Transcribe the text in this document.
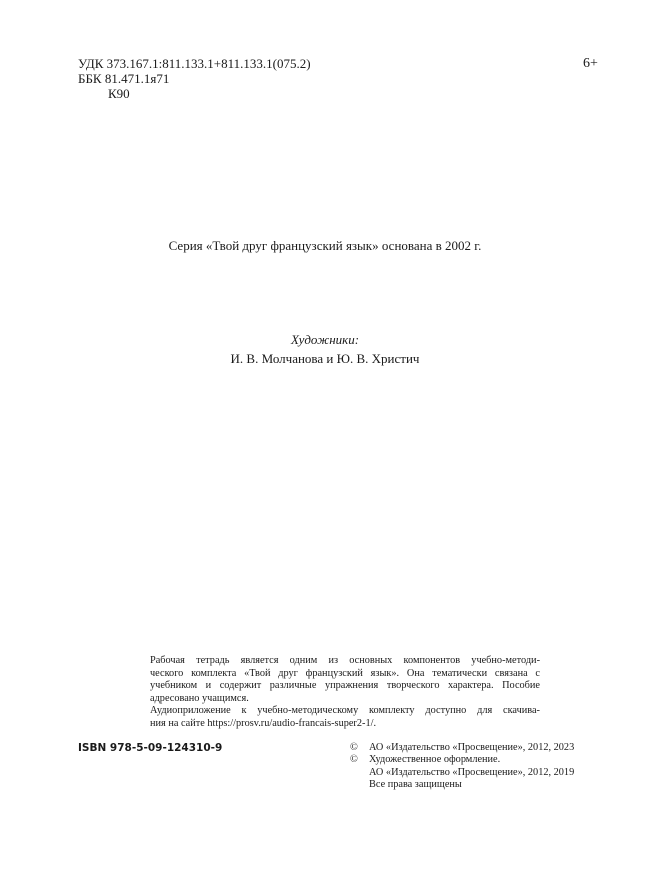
УДК 373.167.1:811.133.1+811.133.1(075.2)
ББК 81.471.1я71
К90
6+
Серия «Твой друг французский язык» основана в 2002 г.
Художники:
И. В. Молчанова и Ю. В. Христич
Рабочая тетрадь является одним из основных компонентов учебно-методи-
ческого комплекта «Твой друг французский язык». Она тематически связана с
учебником и содержит различные упражнения творческого характера. Пособие
адресовано учащимся.
Аудиоприложение к учебно-методическому комплекту доступно для скачива-
ния на сайте https://prosv.ru/audio-francais-super2-1/.
ISBN 978-5-09-124310-9	©	АО «Издательство «Просвещение», 2012, 2023
©	Художественное оформление.
АО «Издательство «Просвещение», 2012, 2019
Все права защищены
